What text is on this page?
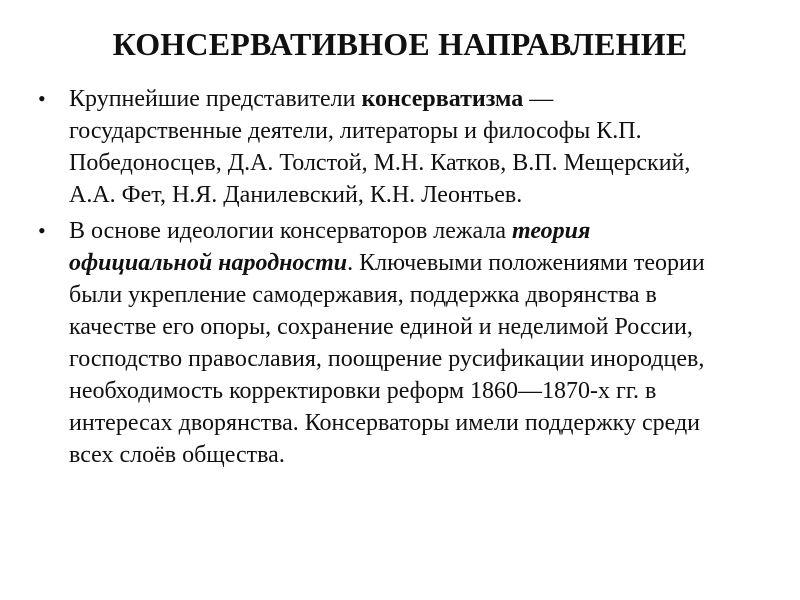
КОНСЕРВАТИВНОЕ НАПРАВЛЕНИЕ
• Крупнейшие представители консерватизма — государственные деятели, литераторы и философы К.П. Победоносцев, Д.А. Толстой, М.Н. Катков, В.П. Мещерский, А.А. Фет, Н.Я. Данилевский, К.Н. Леонтьев.
• В основе идеологии консерваторов лежала теория официальной народности. Ключевыми положениями теории были укрепление самодержавия, поддержка дворянства в качестве его опоры, сохранение единой и неделимой России, господство православия, поощрение русификации инородцев, необходимость корректировки реформ 1860—1870-х гг. в интересах дворянства. Консерваторы имели поддержку среди всех слоёв общества.
